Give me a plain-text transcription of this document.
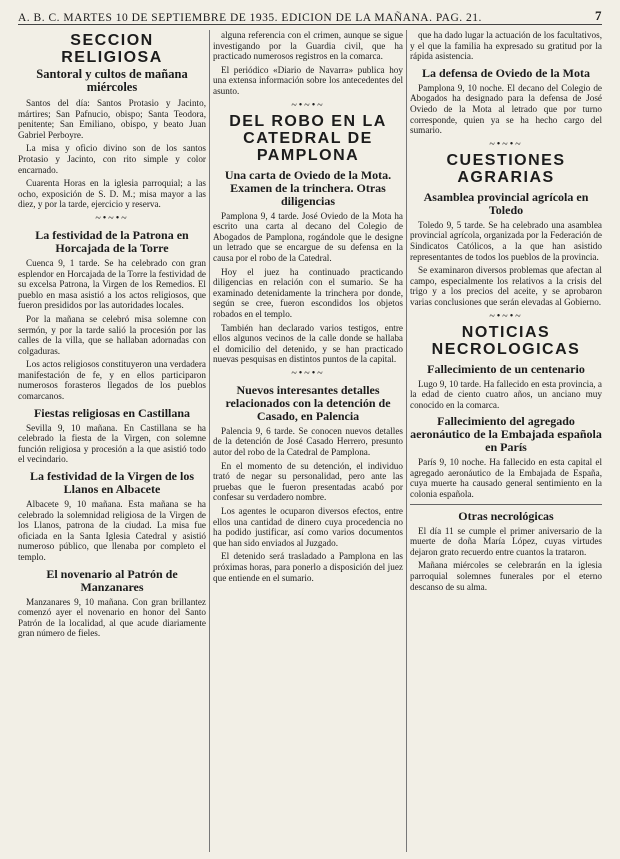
A. B. C. MARTES 10 DE SEPTIEMBRE DE 1935. EDICION DE LA MAÑANA. PAG. 21.	7
SECCION RELIGIOSA
Santoral y cultos de mañana miércoles

Santos del día: Santos Protasio y Jacinto, mártires; San Pafnucio, obispo; Santa Teodora, penitente; San Emiliano, obispo, y beato Juan Gabriel Perboyre.

La misa y oficio divino son de los santos Protasio y Jacinto, con rito simple y color encarnado.

Cuarenta Horas en la iglesia parroquial; a las ocho, exposición de S. D. M.; misa mayor a las diez, y por la tarde, ejercicio y reserva.

~•~•~
La festividad de la Patrona en Horcajada de la Torre

Cuenca 9, 1 tarde. Se ha celebrado con gran esplendor en Horcajada de la Torre la festividad de su excelsa Patrona, la Virgen de los Remedios. El pueblo en masa asistió a los actos religiosos, que fueron presididos por las autoridades locales.

Por la mañana se celebró misa solemne con sermón, y por la tarde salió la procesión por las calles de la villa, que se hallaban adornadas con colgaduras.

Los actos religiosos constituyeron una verdadera manifestación de fe, y en ellos participaron numerosos forasteros llegados de los pueblos comarcanos.

Fiestas religiosas en Castillana

Sevilla 9, 10 mañana. En Castillana se ha celebrado la fiesta de la Virgen, con solemne función religiosa y procesión a la que asistió todo el vecindario.

La festividad de la Virgen de los Llanos en Albacete

Albacete 9, 10 mañana. Esta mañana se ha celebrado la solemnidad religiosa de la Virgen de los Llanos, patrona de la ciudad. La misa fue oficiada en la Santa Iglesia Catedral y asistió numeroso público, que llenaba por completo el templo.

El novenario al Patrón de Manzanares

Manzanares 9, 10 mañana. Con gran brillantez comenzó ayer el novenario en honor del Santo Patrón de la localidad, al que acude diariamente gran número de fieles.

alguna referencia con el crimen, aunque se sigue investigando por la Guardia civil, que ha practicado numerosos registros en la comarca.

El periódico «Diario de Navarra» publica hoy una extensa información sobre los antecedentes del asunto.

~•~•~
DEL ROBO EN LA CATEDRAL DE PAMPLONA
Una carta de Oviedo de la Mota. Examen de la trinchera. Otras diligencias

Pamplona 9, 4 tarde. José Oviedo de la Mota ha escrito una carta al decano del Colegio de Abogados de Pamplona, rogándole que le designe un letrado que se encargue de su defensa en la causa por el robo de la Catedral.

Hoy el juez ha continuado practicando diligencias en relación con el sumario. Se ha examinado detenidamente la trinchera por donde, según se cree, fueron escondidos los objetos robados en el templo.

También han declarado varios testigos, entre ellos algunos vecinos de la calle donde se hallaba el domicilio del detenido, y se han practicado nuevas pesquisas en distintos puntos de la capital.

~•~•~
Nuevos interesantes detalles relacionados con la detención de Casado, en Palencia

Palencia 9, 6 tarde. Se conocen nuevos detalles de la detención de José Casado Herrero, presunto autor del robo de la Catedral de Pamplona.

En el momento de su detención, el individuo trató de negar su personalidad, pero ante las pruebas que le fueron presentadas acabó por confesar su verdadero nombre.

Los agentes le ocuparon diversos efectos, entre ellos una cantidad de dinero cuya procedencia no ha podido justificar, así como varios documentos que han sido enviados al Juzgado.

El detenido será trasladado a Pamplona en las próximas horas, para ponerlo a disposición del juez que entiende en el sumario.

que ha dado lugar la actuación de los facultativos, y el que la familia ha expresado su gratitud por la rápida asistencia.

La defensa de Oviedo de la Mota

Pamplona 9, 10 noche. El decano del Colegio de Abogados ha designado para la defensa de José Oviedo de la Mota al letrado que por turno corresponde, quien ya se ha hecho cargo del sumario.

~•~•~
CUESTIONES AGRARIAS
Asamblea provincial agrícola en Toledo

Toledo 9, 5 tarde. Se ha celebrado una asamblea provincial agrícola, organizada por la Federación de Sindicatos Católicos, a la que han asistido representantes de todos los pueblos de la provincia.

Se examinaron diversos problemas que afectan al campo, especialmente los relativos a la crisis del trigo y a los precios del aceite, y se aprobaron varias conclusiones que serán elevadas al Gobierno.

~•~•~
NOTICIAS NECROLOGICAS
Fallecimiento de un centenario

Lugo 9, 10 tarde. Ha fallecido en esta provincia, a la edad de ciento cuatro años, un anciano muy conocido en la comarca.

Fallecimiento del agregado aeronáutico de la Embajada española en París

París 9, 10 noche. Ha fallecido en esta capital el agregado aeronáutico de la Embajada de España, cuya muerte ha causado general sentimiento en la colonia española.

Otras necrológicas

El día 11 se cumple el primer aniversario de la muerte de doña María López, cuyas virtudes dejaron grato recuerdo entre cuantos la trataron.

Mañana miércoles se celebrarán en la iglesia parroquial solemnes funerales por el eterno descanso de su alma.
